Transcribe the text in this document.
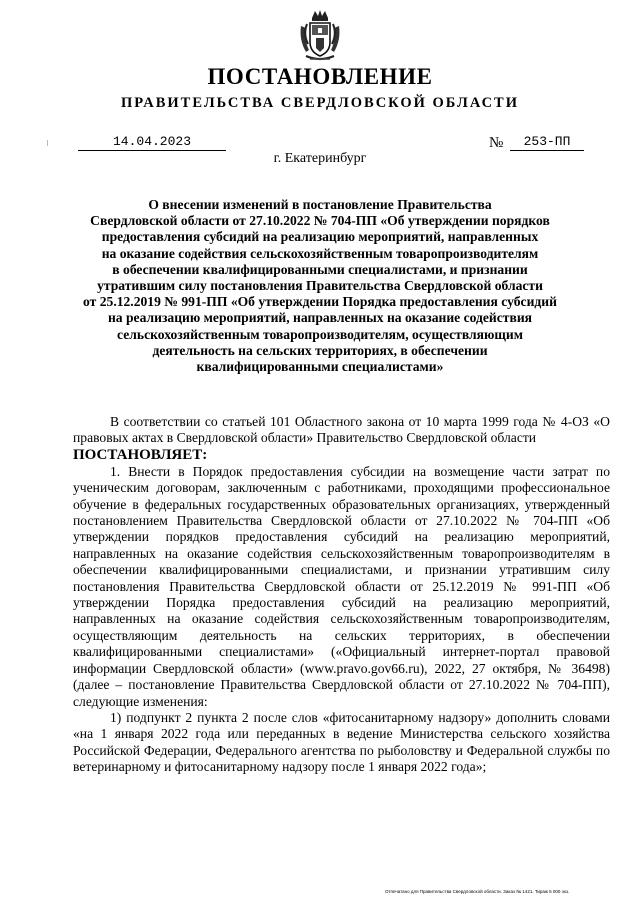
ПОСТАНОВЛЕНИЕ
ПРАВИТЕЛЬСТВА СВЕРДЛОВСКОЙ ОБЛАСТИ
14.04.2023	№	253-ПП
г. Екатеринбург
О внесении изменений в постановление Правительства
Свердловской области от 27.10.2022 № 704-ПП «Об утверждении порядков
предоставления субсидий на реализацию мероприятий, направленных
на оказание содействия сельскохозяйственным товаропроизводителям
в обеспечении квалифицированными специалистами, и признании
утратившим силу постановления Правительства Свердловской области
от 25.12.2019 № 991-ПП «Об утверждении Порядка предоставления субсидий
на реализацию мероприятий, направленных на оказание содействия
сельскохозяйственным товаропроизводителям, осуществляющим
деятельность на сельских территориях, в обеспечении
квалифицированными специалистами»

В соответствии со статьей 101 Областного закона от 10 марта 1999 года № 4-ОЗ «О правовых актах в Свердловской области» Правительство Свердловской области

ПОСТАНОВЛЯЕТ:

1. Внести в Порядок предоставления субсидии на возмещение части затрат по ученическим договорам, заключенным с работниками, проходящими профессиональное обучение в федеральных государственных образовательных организациях, утвержденный постановлением Правительства Свердловской области от 27.10.2022 № 704-ПП «Об утверждении порядков предоставления субсидий на реализацию мероприятий, направленных на оказание содействия сельскохозяйственным товаропроизводителям в обеспечении квалифицированными специалистами, и признании утратившим силу постановления Правительства Свердловской области от 25.12.2019 № 991-ПП «Об утверждении Порядка предоставления субсидий на реализацию мероприятий, направленных на оказание содействия сельскохозяйственным товаропроизводителям, осуществляющим деятельность на сельских территориях, в обеспечении квалифицированными специалистами» («Официальный интернет-портал правовой информации Свердловской области» (www.pravo.gov66.ru), 2022, 27 октября, № 36498) (далее – постановление Правительства Свердловской области от 27.10.2022 № 704-ПП), следующие изменения:

1) подпункт 2 пункта 2 после слов «фитосанитарному надзору» дополнить словами «на 1 января 2022 года или переданных в ведение Министерства сельского хозяйства Российской Федерации, Федерального агентства по рыболовству и Федеральной службы по ветеринарному и фитосанитарному надзору после 1 января 2022 года»;

Отпечатано для Правительства Свердловской области. Заказ № 1421. Тираж 5 000 экз.
